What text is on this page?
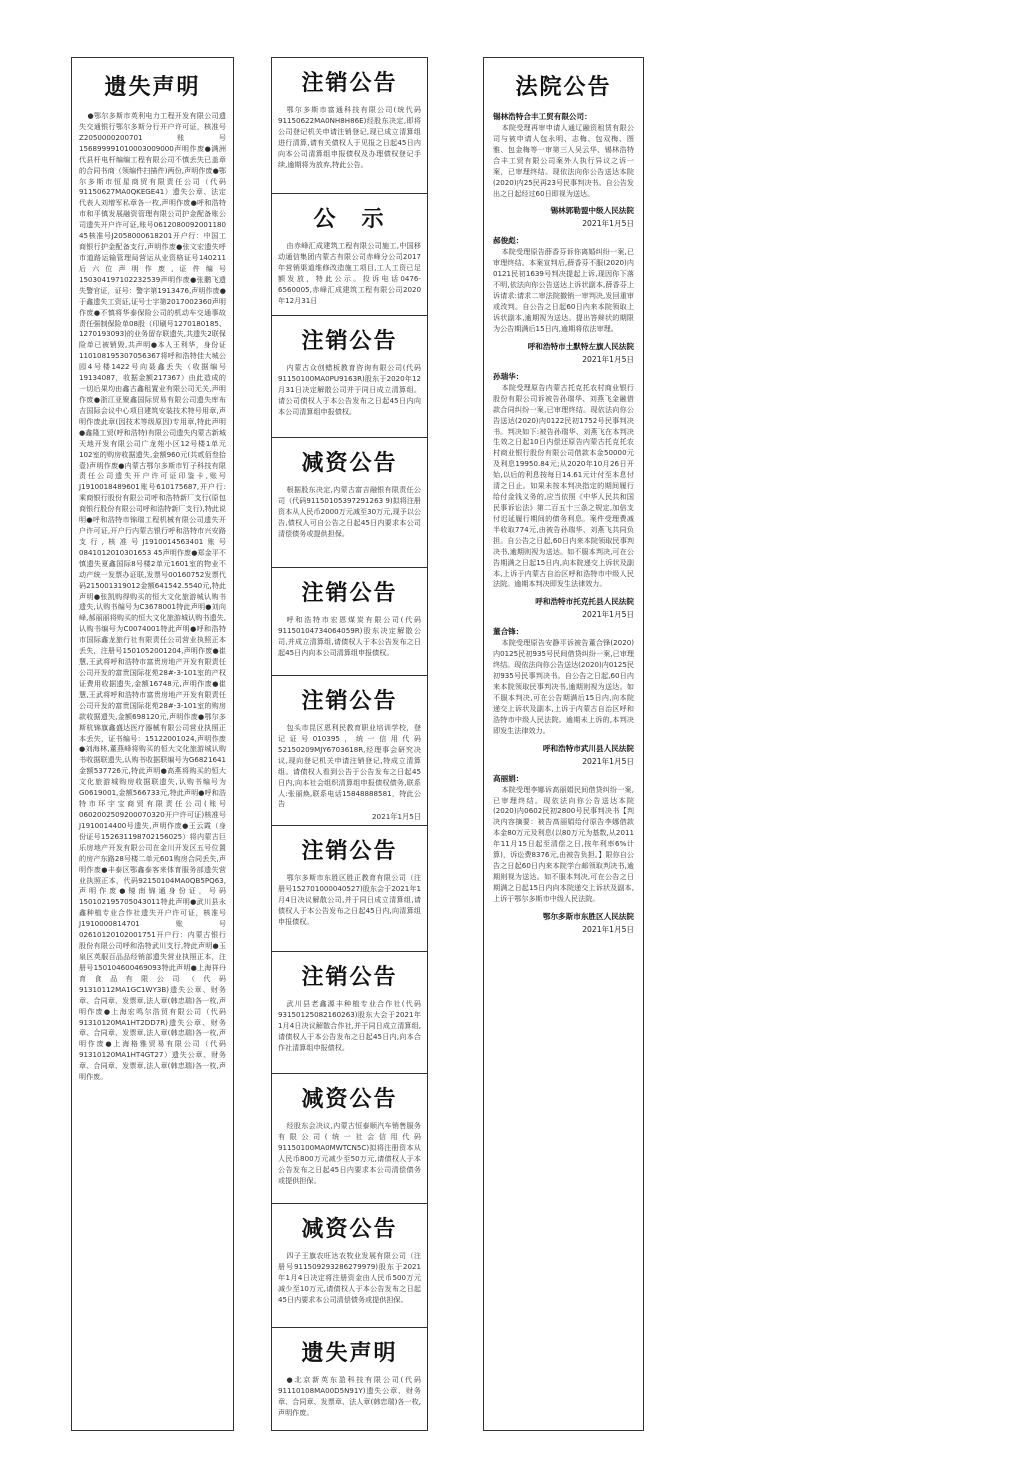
遗失声明
●鄂尔多斯市英利电力工程开发有限公司遗失交通银行鄂尔多斯分行开户许可证，核准号Z2050000200701账号156899991010003009000声明作废●满洲代县杆电杆编编工程有限公司不慎丢失已盖章的合同书商（领编件扫描件)两份,声明作废●鄂尔多斯市恒星商贸有限责任公司（代码91150627MA0QKEGE41）遗失公章、法定代表人刘增军私章各一枚,声明作废●呼和浩特市和平镇发展融资管理有限公司护金配备账公司遗失开户许可证,账号0612080092001180 45核准号J2058000618201开户行：中国工商银行护金配备支行,声明作废●张文宏遗失呼市道路运输管理局营运从业资格证号140211后六位声明作废,证件编号150304197102232539声明作废●张鹏飞遗失警官证，证号：警字第1913476,声明作废●于鑫遗失工资证,证号士字第2017002360声明作废●不慎将华泰保险公司的机动车交通事故责任强制保险单08股（印刷号1270180185、1270193093)的业务留存联遗失,共遗失2联保险单已被销毁,共声明●本人王利华，身份证110108195307056367将呼和浩特佳大城公园4号楼1422号向聂鑫丢失（收据编号19134087，收据金额217367）由此造成的一切后果均由鑫古鑫租置业有限公司无关,声明作废●浙江亚聚鑫国际贸易有限公司遗失库布吉国际会议中心项目建筑安装技术特号用章,声明作废此章(因技术等级原因)专用章,特此声明●鑫隆工贸(呼和浩特)有限公司遗失内蒙古新城天地开发有限公司广龙苑小区12号楼1单元102室的购房收据遗失,金额960元(共贰佰叁拾壹)声明作废●内蒙古鄂尔多斯市钉子科技有限责任公司遗失开户许可证印鉴卡,账号J1910018489601账号610175687,开户行:乘商银行股份有限公司呼和浩特新厂支行(原包商银行股份有限公司呼和浩特新厂支行),特此说明●呼和浩特市锦瑞工程机械有限公司遗失开户许可证,开户行内蒙古银行呼和浩特市兴安路支行,核准号J1910014563401账号0841012010301653 45声明作废●郑金平不慎遗失夏鑫国际8号楼2单元1601室的物业不动产统一发票办证联,发票号00160752发票代码215001319012金额641542.5540元,特此声明●张凯购得购买的恒大文化旅游城认购书遗失,认购书编号为C3678001特此声明●刘向峰,郝丽丽将购买的恒大文化旅游城认购书遗失,认购书编号为C0074001特此声明●呼和浩特市国际鑫龙旅行社有限责任公司营业执照正本丢失，注册号1501052001204,声明作废●崔慧,王武将呼和浩特市富贵房地产开发有限责任公司开发的富贵国际花苑28#-3-101室的产权证费用收据遗失,金额16748元,声明作废●崔慧,王武将呼和浩特市富贵房地产开发有限责任公司开发的富贵国际花苑28#-3-101室的购房款收据遗失,金额698120元,声明作废●鄂尔多斯杭锦旗鑫盛达医疗器械有限公司营业执照正本丢失，证书编号：15122001024,声明作废●刘海林,董燕峰将购买的恒大文化旅游城认购书收据联遗失,认购书收据联编号为G6821641金额537726元,特此声明●高燕将购买的恒大文化旅游城购房收据联遗失,认购书编号为G0619001,金额566733元,特此声明●呼和浩特市环宇宝商贸有限责任公司(账号0602002509200070320开户许可证)核准号J1910014400号遗失,声明作废●王云霞（身份证号152631198702156025）将内蒙古巨乐房地产开发有限公司在金川开发区五号位置的房产东路28号楼二单元601购房合同丢失,声明作废●丰泰区鄂鑫泰客来体育服务部遗失营业执照正本，代码92150104MA0QB5PQ63,声明作废●镜南锦通身份证，号码150102195705043011特此声明●武川县永鑫种植专业合作社遗失开户许可证，核准号J1910000814701账号02610120102001751开户行：内蒙古银行股份有限公司呼和浩特武川支行,特此声明●玉泉区英服百品品经销部遗失营业执照正本，注册号150104600469093特此声明●上海祥丹育食品有限公司（代码91310112MA1GC1WY3B)遗失公章、财务章、合同章、发票章,法人章(韩忠瑞)各一枚,声明作废●上海宏鸣尔浩贸有限公司（代码91310120MA1HT2DD7R)遗失公章、财务章、合同章、发票章,法人章(韩忠瑞)各一枚,声明作废●上海格雅贸易有限公司（代码91310120MA1HT4GT27）遗失公章、财务章、合同章、发票章,法人章(韩忠瑞)各一枚,声明作废。
注销公告
鄂尔多斯市富通科技有限公司(统代码91150622MA0NH8H86E)经股东决定,即将公司登记机关申请注销登记,现已成立清算组进行清算,请有关债权人于见报之日起45日内向本公司清算组申报债权及办理债权登记手续,逾期将为放弃,特此公告。
公　示
由赤峰汇成建筑工程有限公司施工,中国移动通信集团内蒙古有限公司赤峰分公司2017年营销渠道维修改造施工项目,工人工资已足额发放，特此公示。投诉电话0476-6560005,赤峰汇成建筑工程有限公司2020年12月31日
注销公告
内蒙古众创蜡板教育咨询有限公司(代码91150100MA0PU9163R)股东于2020年12月31日决定解散公司并于同日成立清算组。请公司债权人于本公告发布之日起45日内向本公司清算组申报债权。
减资公告
根据股东决定,内蒙古富吉融银有限责任公司（代码91150105397291263 9)拟将注册资本从人民币2000万元减至30万元,现予以公告,债权人可自公告之日起45日内要求本公司清偿债务或提供担保。
注销公告
呼和浩特市宏恩煤炭有限公司(代码91150104734064059R)股东决定解散公司,并成立清算组,请债权人于本公告发布之日起45日内向本公司清算组申报债权。
注销公告
包头市昆区恩利民教育职业培训学校，登记证号010395，统一信用代码52150209MJY6703618R,经理事会研究决议,现向登记机关申请注销登记,特成立清算组。请债权人看到公告于公告发布之日起45日内,向本社会组织清算组申报债权债务,联系人:张丽焕,联系电话15848888581，特此公告
2021年1月5日
注销公告
鄂尔多斯市东胜区胜正教育有限公司（注册号152701000040527)股东会于2021年1月4日决议解散公司,并于同日成立清算组,请债权人于本公告发布之日起45日内,向清算组申报债权。
注销公告
武川县老鑫源丰种植专业合作社(代码93150125082160263)股东大会于2021年1月4日决议解散合作社,并于同日成立清算组,请债权人于本公告发布之日起45日内,向本合作社清算组申报债权。
减资公告
经股东会决议,内蒙古恒泰顺汽车销售服务有限公司(统一社会信用代码91150100MA0MWTCN5C)拟将注册资本从人民币800万元减少至50万元,请债权人于本公告发布之日起45日内要求本公司清偿债务或提供担保。
减资公告
四子王旗农旺达农牧业发展有限公司（注册号911509293286279979)股东于2021年1月4日决定将注册资金由人民币500万元减少至10万元,请债权人于本公告发布之日起45日内要求本公司清偿债务或提供担保。
遗失声明
●北京新英东盈科技有限公司(代码91110108MA00D5N91Y)遗失公章、财务章、合同章、发票章、法人章(韩忠瑞)各一枚,声明作废。
法院公告
锡林浩特合丰工贸有限公司：
本院受理再审申请人通辽融资租赁有限公司与被申请人包永明、志梅、包双梅、图雅、包金梅等一审第三人吴云华、锡林浩特合丰工贸有限公司案外人执行异议之诉一案，已审理终结。现依法向你公告送达本院(2020)内25民再23号民事判决书。自公告发出之日起经过60日即视为送达。
锡林郭勒盟中级人民法院
2021年1月5日
郝俊彪：
本院受理原告薛香芬诉你离婚纠纷一案,已审理终结。本案宣判后,薛香芬不服(2020)内0121民初1639号判决提起上诉,现因你下落不明,依法向你公告送达上诉状副本,薛香芬上诉请求:请求二审法院撤销一审判决,发回重审或改判。自公告之日起60日内来本院领取上诉状副本,逾期视为送达。提出答辩状的期限为公告期满后15日内,逾期将依法审理。
呼和浩特市土默特左旗人民法院
2021年1月5日
孙瑞华：
本院受理原告内蒙古托克托农村商业银行股份有限公司诉被告孙瑞华、刘燕飞金融借款合同纠纷一案,已审理终结。现依法向你公告送达(2020)内0122民初1752号民事判决书。判决如下:被告孙瑞华、刘燕飞在本判决生效之日起10日内偿还原告内蒙古托克托农村商业银行股份有限公司借款本金50000元及利息19950.84元;从2020年10月26日开始,以后的利息按每日14.61元计付至本息付清之日止。如果未按本判决指定的期间履行给付金钱义务的,应当依照《中华人民共和国民事诉讼法》第二百五十三条之规定,加倍支付迟延履行期间的债务利息。案件受理费减半收取774元,由被告孙瑞华、刘燕飞共同负担。自公告之日起,60日内来本院领取民事判决书,逾期则视为送达。如不服本判决,可在公告期满之日起15日内,向本院递交上诉状及副本,上诉于内蒙古自治区呼和浩特市中级人民法院。逾期本判决即发生法律效力。
呼和浩特市托克托县人民法院
2021年1月5日
董合锋：
本院受理原告安静平诉被告董合锋(2020)内0125民初935号民间借贷纠纷一案,已审理终结。现依法向你公告送达(2020)内0125民初935号民事判决书。自公告之日起,60日内来本院领取民事判决书,逾期则视为送达。如不服本判决,可在公告期满后15日内,向本院递交上诉状及副本,上诉于内蒙古自治区呼和浩特市中级人民法院。逾期未上诉的,本判决即发生法律效力。
呼和浩特市武川县人民法院
2021年1月5日
高丽娟：
本院受理李娜诉高丽娟民间借贷纠纷一案,已审理终结。现依法向你公告送达本院(2020)内0602民初2800号民事判决书【判决内容摘要：被告高丽娟给付原告李娜借款本金80万元及利息(以80万元为基数,从2011年11月15日起至清偿之日,按年利率6%计算)，诉讼费8376元,由被告负担。】限你自公告之日起60日内来本院学台邮领取判决书,逾期则视为送达。如不服本判决,可在公告之日期满之日起15日内向本院递交上诉状及副本,上诉于鄂尔多斯市中级人民法院。
鄂尔多斯市东胜区人民法院
2021年1月5日
